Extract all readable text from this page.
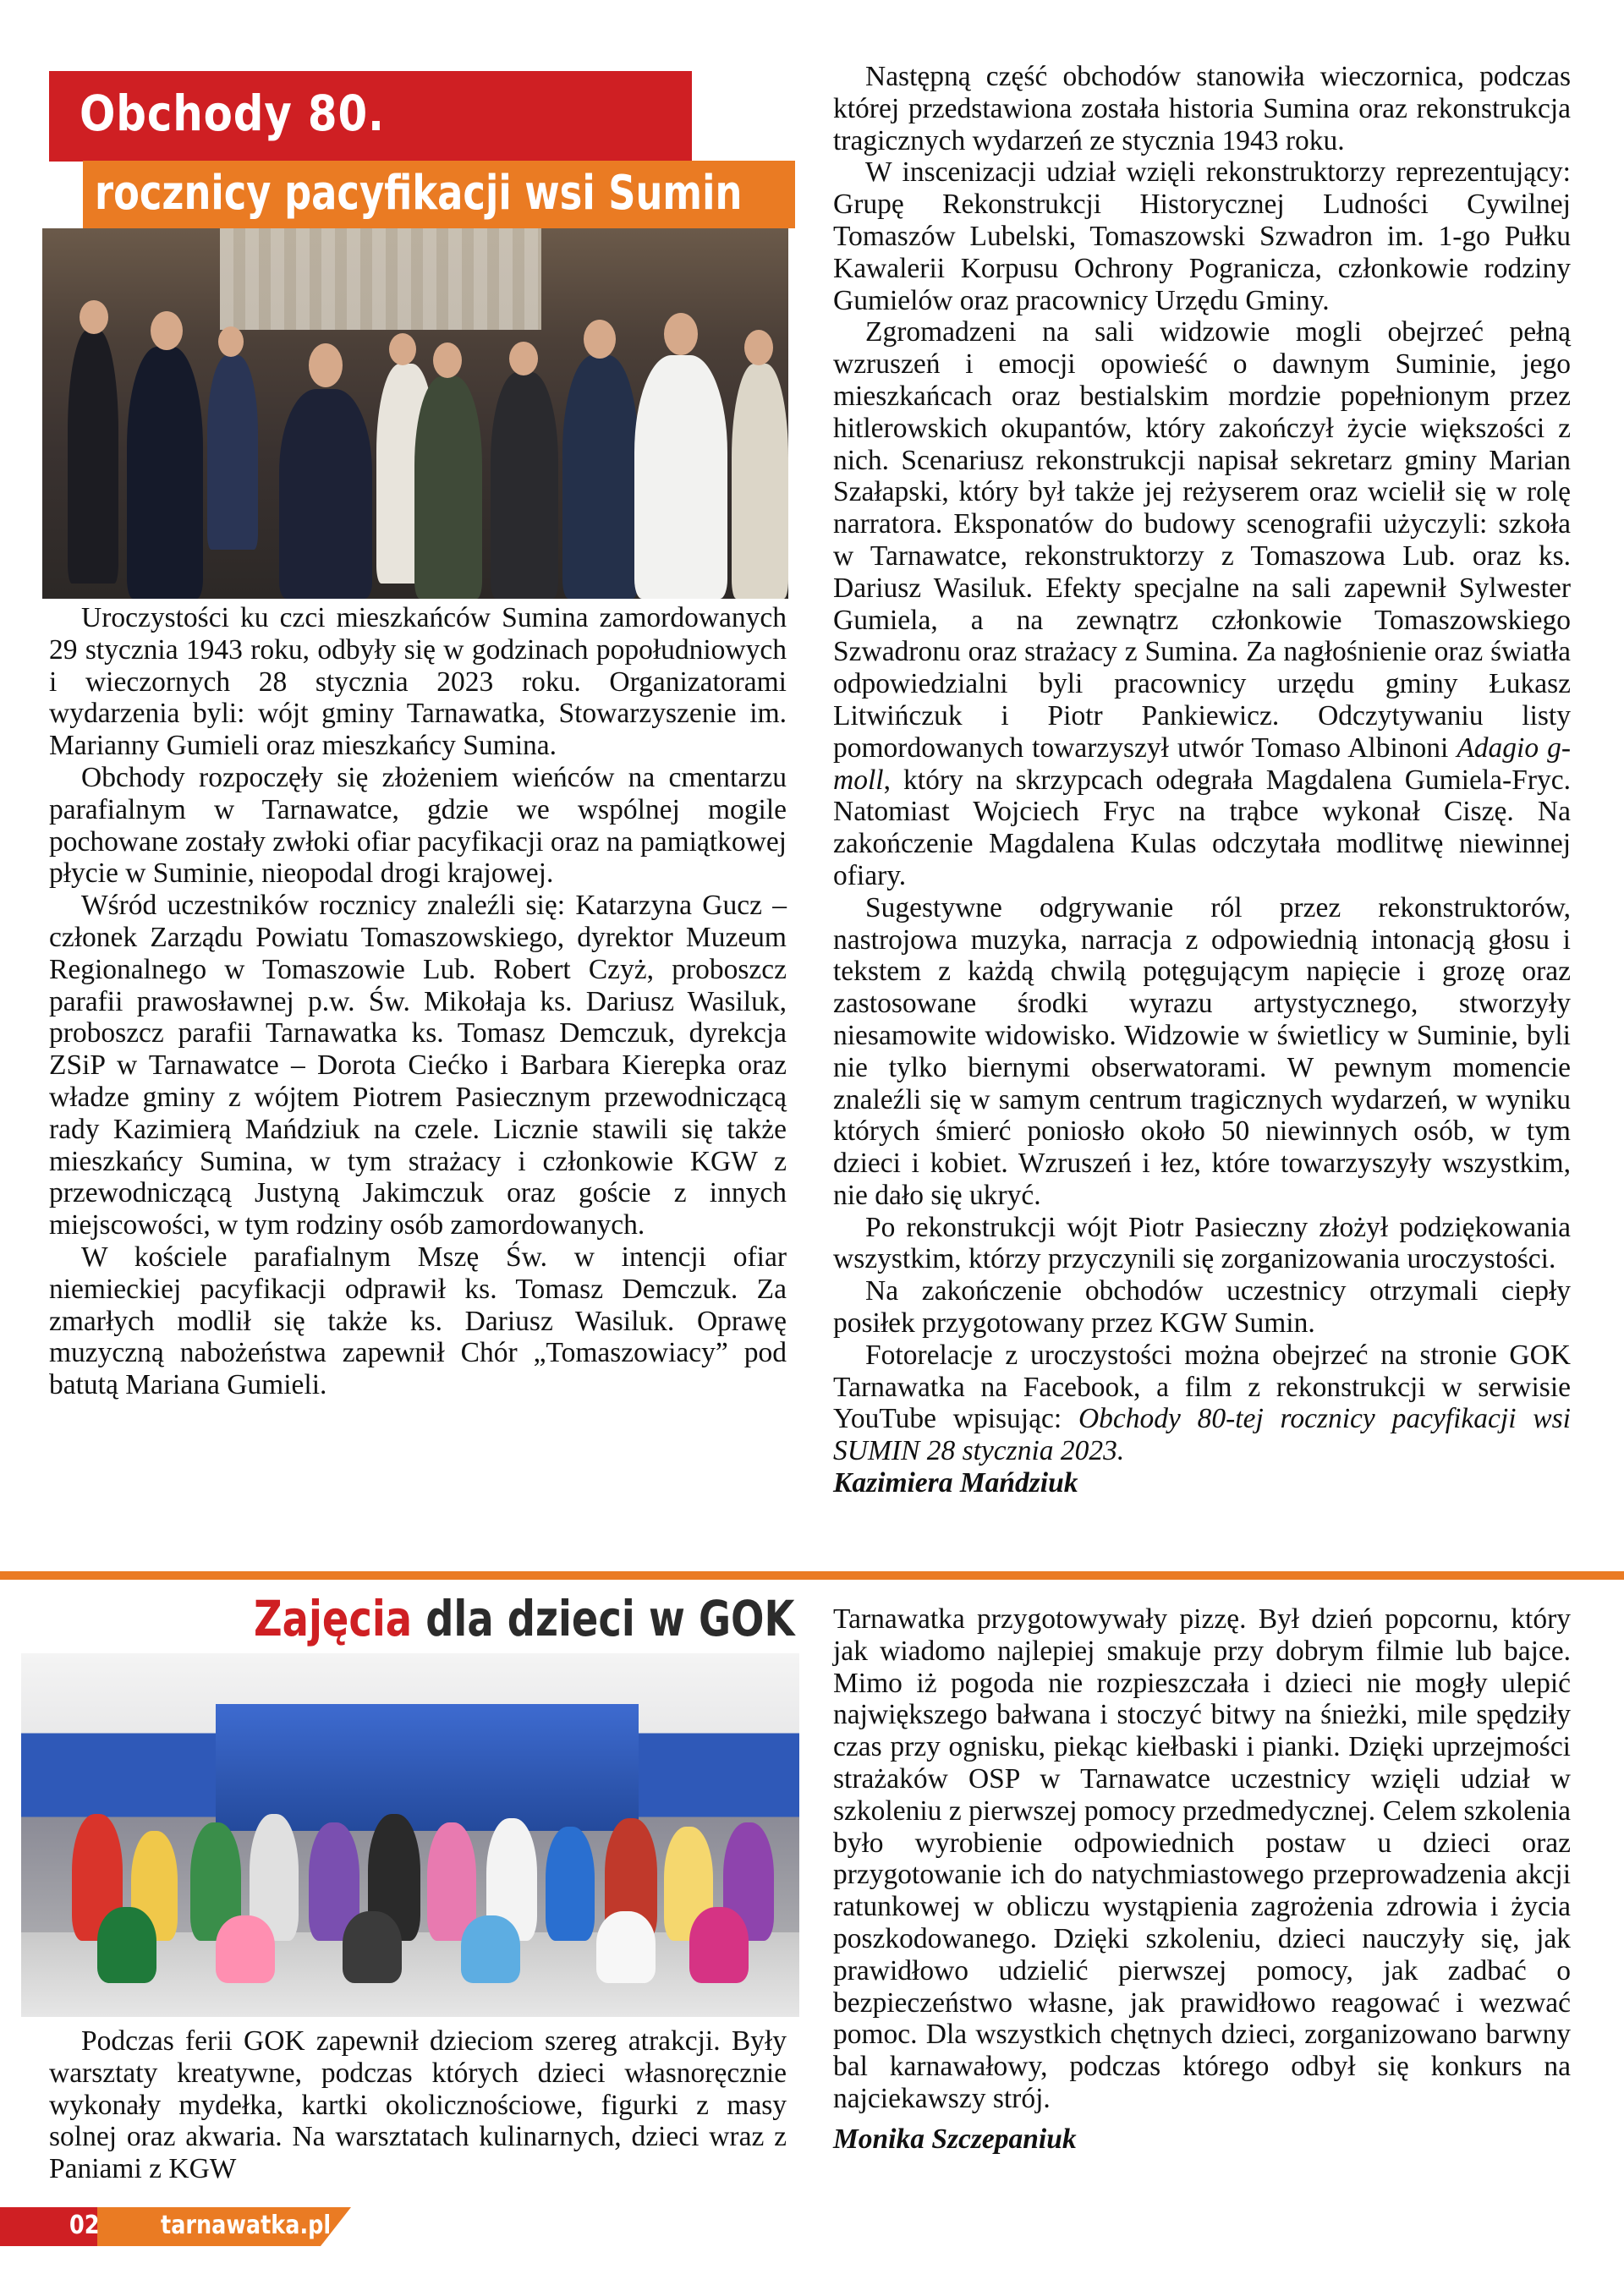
Obchody 80.
rocznicy pacyfikacji wsi Sumin

Uroczystości ku czci mieszkańców Sumina zamordowanych 29 stycznia 1943 roku, odbyły się w godzinach popołudniowych i wieczornych 28 stycznia 2023 roku. Organizatorami wydarzenia byli: wójt gminy Tarnawatka, Stowarzyszenie im. Marianny Gumieli oraz mieszkańcy Sumina.

Obchody rozpoczęły się złożeniem wieńców na cmentarzu parafialnym w Tarnawatce, gdzie we wspólnej mogile pochowane zostały zwłoki ofiar pacyfikacji oraz na pamiątkowej płycie w Suminie, nieopodal drogi krajowej.

Wśród uczestników rocznicy znaleźli się: Katarzyna Gucz – członek Zarządu Powiatu Tomaszowskiego, dyrektor Muzeum Regionalnego w Tomaszowie Lub. Robert Czyż, proboszcz parafii prawosławnej p.w. Św. Mikołaja ks. Dariusz Wasiluk, proboszcz parafii Tarnawatka ks. Tomasz Demczuk, dyrekcja ZSiP w Tarnawatce – Dorota Ciećko i Barbara Kierepka oraz władze gminy z wójtem Piotrem Pasiecznym przewodniczącą rady Kazimierą Mańdziuk na czele. Licznie stawili się także mieszkańcy Sumina, w tym strażacy i członkowie KGW z przewodniczącą Justyną Jakimczuk oraz goście z innych miejscowości, w tym rodziny osób zamordowanych.

W kościele parafialnym Mszę Św. w intencji ofiar niemieckiej pacyfikacji odprawił ks. Tomasz Demczuk. Za zmarłych modlił się także ks. Dariusz Wasiluk. Oprawę muzyczną nabożeństwa zapewnił Chór „Tomaszowiacy” pod batutą Mariana Gumieli.

Następną część obchodów stanowiła wieczornica, podczas której przedstawiona została historia Sumina oraz rekonstrukcja tragicznych wydarzeń ze stycznia 1943 roku.

W inscenizacji udział wzięli rekonstruktorzy reprezentujący: Grupę Rekonstrukcji Historycznej Ludności Cywilnej Tomaszów Lubelski, Tomaszowski Szwadron im. 1-go Pułku Kawalerii Korpusu Ochrony Pogranicza, członkowie rodziny Gumielów oraz pracownicy Urzędu Gminy.

Zgromadzeni na sali widzowie mogli obejrzeć pełną wzruszeń i emocji opowieść o dawnym Suminie, jego mieszkańcach oraz bestialskim mordzie popełnionym przez hitlerowskich okupantów, który zakończył życie większości z nich. Scenariusz rekonstrukcji napisał sekretarz gminy Marian Szałapski, który był także jej reżyserem oraz wcielił się w rolę narratora. Eksponatów do budowy scenografii użyczyli: szkoła w Tarnawatce, rekonstruktorzy z Tomaszowa Lub. oraz ks. Dariusz Wasiluk. Efekty specjalne na sali zapewnił Sylwester Gumiela, a na zewnątrz członkowie Tomaszowskiego Szwadronu oraz strażacy z Sumina. Za nagłośnienie oraz światła odpowiedzialni byli pracownicy urzędu gminy Łukasz Litwińczuk i Piotr Pankiewicz. Odczytywaniu listy pomordowanych towarzyszył utwór Tomaso Albinoni Adagio g-moll, który na skrzypcach odegrała Magdalena Gumiela-Fryc. Natomiast Wojciech Fryc na trąbce wykonał Ciszę. Na zakończenie Magdalena Kulas odczytała modlitwę niewinnej ofiary.

Sugestywne odgrywanie ról przez rekonstruktorów, nastrojowa muzyka, narracja z odpowiednią intonacją głosu i tekstem z każdą chwilą potęgującym napięcie i grozę oraz zastosowane środki wyrazu artystycznego, stworzyły niesamowite widowisko. Widzowie w świetlicy w Suminie, byli nie tylko biernymi obserwatorami. W pewnym momencie znaleźli się w samym centrum tragicznych wydarzeń, w wyniku których śmierć poniosło około 50 niewinnych osób, w tym dzieci i kobiet. Wzruszeń i łez, które towarzyszyły wszystkim, nie dało się ukryć.

Po rekonstrukcji wójt Piotr Pasieczny złożył podziękowania wszystkim, którzy przyczynili się zorganizowania uroczystości.

Na zakończenie obchodów uczestnicy otrzymali ciepły posiłek przygotowany przez KGW Sumin.

Fotorelacje z uroczystości można obejrzeć na stronie GOK Tarnawatka na Facebook, a film z rekonstrukcji w serwisie YouTube wpisując: Obchody 80-tej rocznicy pacyfikacji wsi SUMIN 28 stycznia 2023.

Kazimiera Mańdziuk

Zajęcia dla dzieci w GOK

Podczas ferii GOK zapewnił dzieciom szereg atrakcji. Były warsztaty kreatywne, podczas których dzieci własnoręcznie wykonały mydełka, kartki okolicznościowe, figurki z masy solnej oraz akwaria. Na warsztatach kulinarnych, dzieci wraz z Paniami z KGW

Tarnawatka przygotowywały pizzę. Był dzień popcornu, który jak wiadomo najlepiej smakuje przy dobrym filmie lub bajce. Mimo iż pogoda nie rozpieszczała i dzieci nie mogły ulepić największego bałwana i stoczyć bitwy na śnieżki, mile spędziły czas przy ognisku, piekąc kiełbaski i pianki. Dzięki uprzejmości strażaków OSP w Tarnawatce uczestnicy wzięli udział w szkoleniu z pierwszej pomocy przedmedycznej. Celem szkolenia było wyrobienie odpowiednich postaw u dzieci oraz przygotowanie ich do natychmiastowego przeprowadzenia akcji ratunkowej w obliczu wystąpienia zagrożenia zdrowia i życia poszkodowanego. Dzięki szkoleniu, dzieci nauczyły się, jak prawidłowo udzielić pierwszej pomocy, jak zadbać o bezpieczeństwo własne, jak prawidłowo reagować i wezwać pomoc. Dla wszystkich chętnych dzieci, zorganizowano barwny bal karnawałowy, podczas którego odbył się konkurs na najciekawszy strój.

Monika Szczepaniuk

02 tarnawatka.pl
